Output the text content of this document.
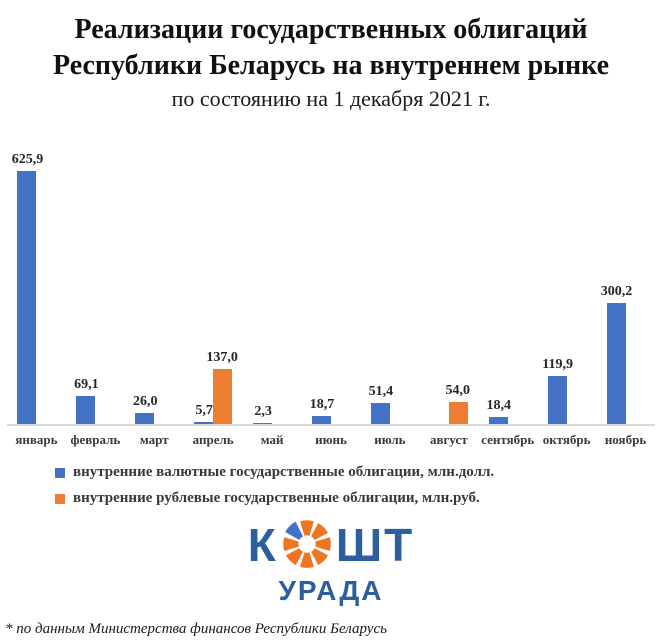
Реализации государственных облигаций
Республики Беларусь на внутреннем рынке
по состоянию на 1 декабря 2021 г.
625,9
январь
69,1
февраль
26,0
март
5,7
137,0
апрель
2,3
май
18,7
июнь
51,4
июль
54,0
август
18,4
сентябрь
119,9
октябрь
300,2
ноябрь
внутренние валютные государственные облигации, млн.долл.
внутренние рублевые государственные облигации, млн.руб.
К ШТ
УРАДА
* по данным Министерства финансов Республики Беларусь
